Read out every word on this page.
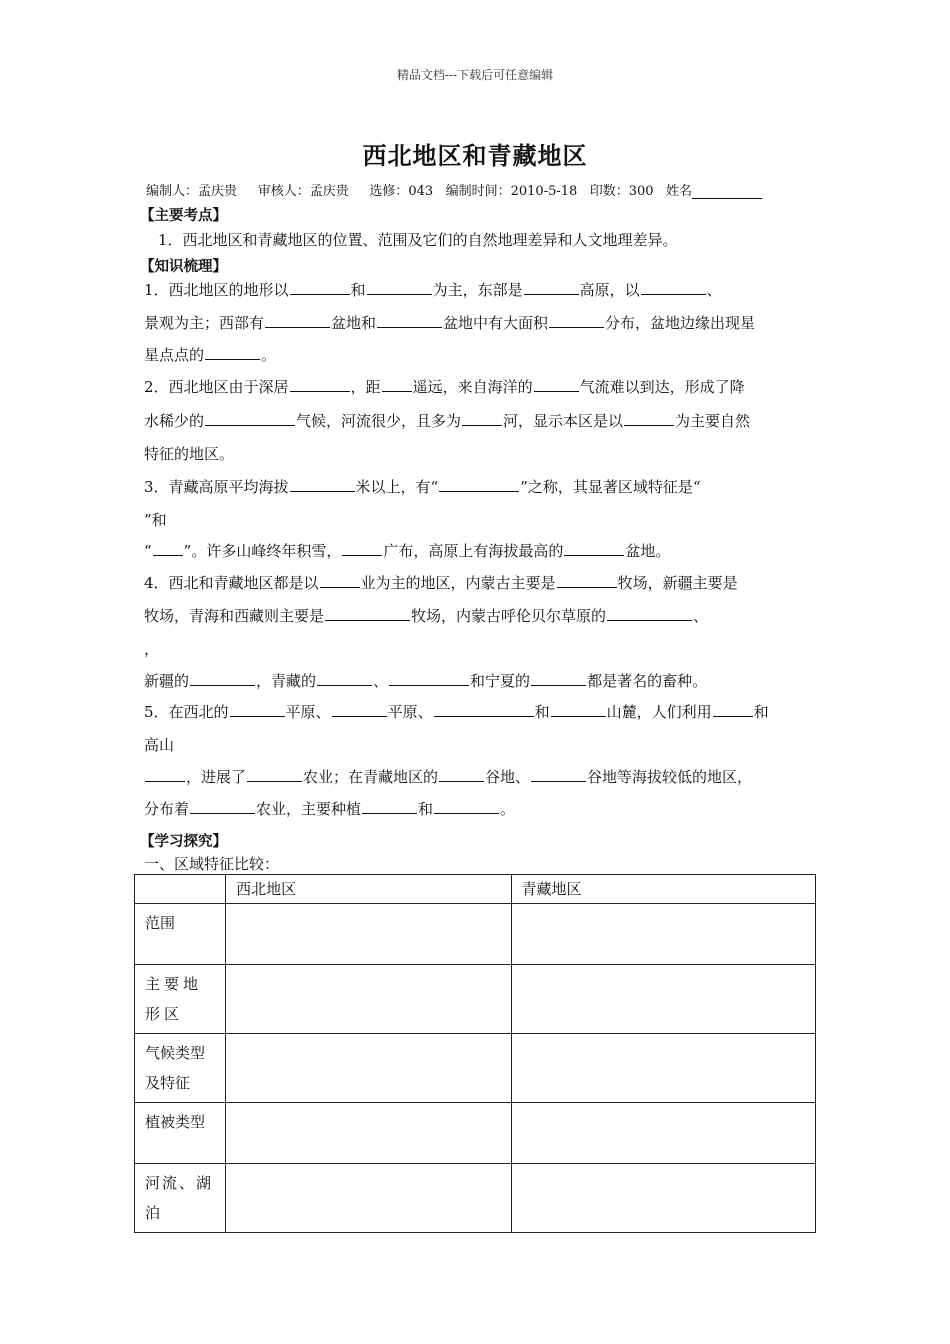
精品文档---下载后可任意编辑
西北地区和青藏地区
编制人：孟庆贵 审核人：孟庆贵 选修：043 编制时间：2010-5-18 印数：300 姓名
【主要考点】
1．西北地区和青藏地区的位置、范围及它们的自然地理差异和人文地理差异。
【知识梳理】
1．西北地区的地形以	和	为主，东部是	高原，以	、
景观为主；西部有	盆地和	盆地中有大面积	分布，盆地边缘出现星
星点点的	。
2．西北地区由于深居	，距 遥远，来自海洋的	气流难以到达，形成了降
水稀少的	气候，河流很少，且多为	河，显示本区是以	为主要自然
特征的地区。
3．青藏高原平均海拔	米以上，有“	”之称，其显著区域特征是“
”和
“ ”。许多山峰终年积雪，	广布，高原上有海拔最高的	盆地。
4．西北和青藏地区都是以	业为主的地区，内蒙古主要是	牧场，新疆主要是
牧场，青海和西藏则主要是	牧场，内蒙古呼伦贝尔草原的	、
，
新疆的	，青藏的	、	和宁夏的	都是著名的畜种。
5．在西北的	平原、	平原、	和	山麓，人们利用	和
高山
，进展了	农业；在青藏地区的	谷地、	谷地等海拔较低的地区，
分布着	农业，主要种植	和	。
【学习探究】
一、区域特征比较：
	西北地区	青藏地区
范围		
主要地形区		
气候类型及特征		
植被类型		
河流、湖泊		
